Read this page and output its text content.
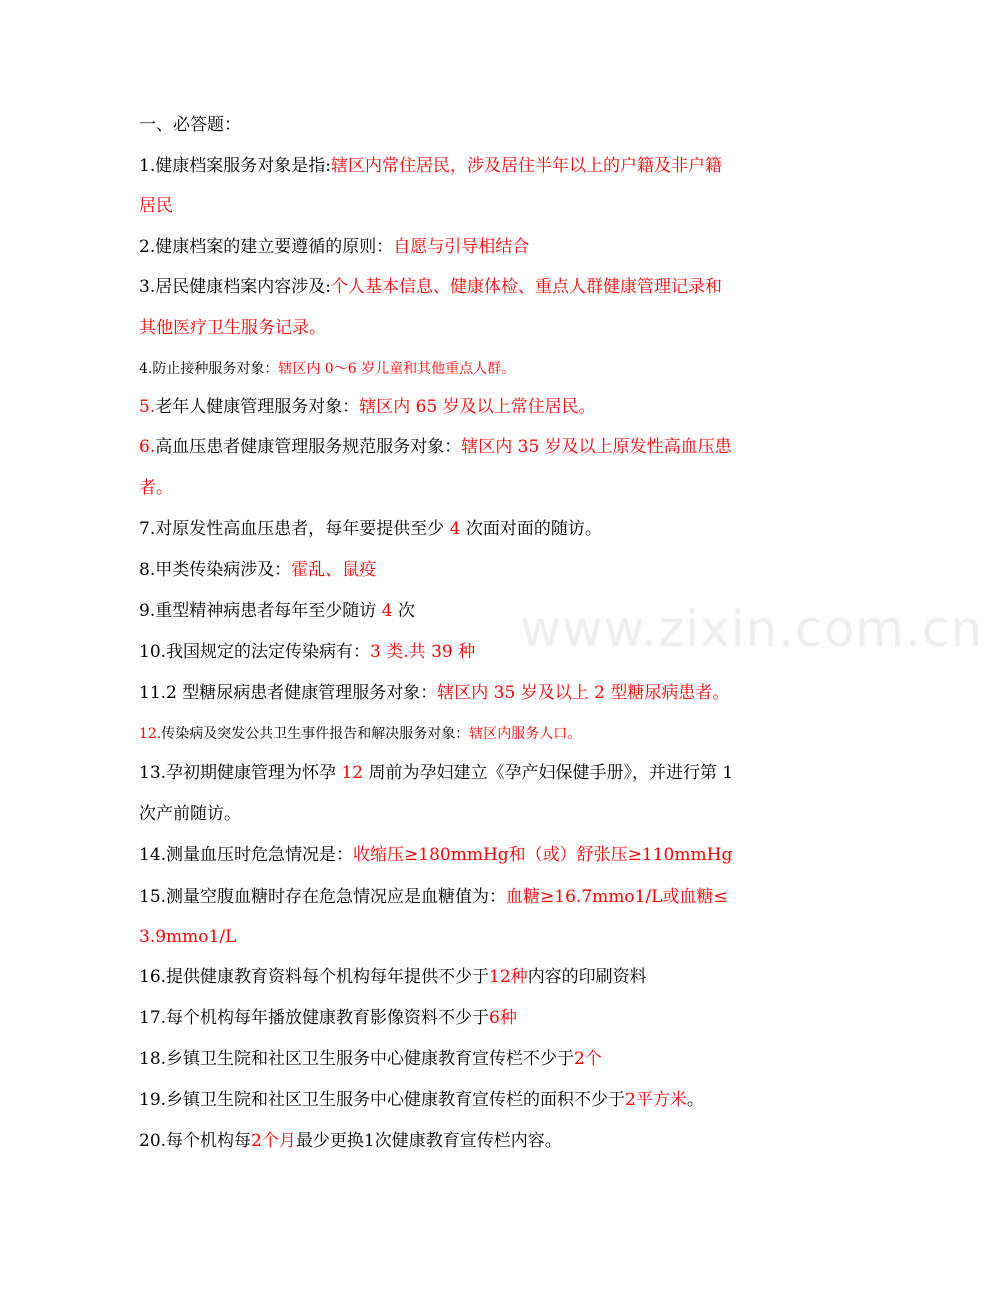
www.zixin.com.cn
一、必答题：
1.健康档案服务对象是指:辖区内常住居民，涉及居住半年以上的户籍及非户籍
居民
2.健康档案的建立要遵循的原则：自愿与引导相结合
3.居民健康档案内容涉及:个人基本信息、健康体检、重点人群健康管理记录和
其他医疗卫生服务记录。
4.防止接种服务对象：辖区内 0～6 岁儿童和其他重点人群。
5.老年人健康管理服务对象：辖区内 65 岁及以上常住居民。
6.高血压患者健康管理服务规范服务对象：辖区内 35 岁及以上原发性高血压患
者。
7.对原发性高血压患者，每年要提供至少 4 次面对面的随访。
8.甲类传染病涉及：霍乱、鼠疫
9.重型精神病患者每年至少随访 4 次
10.我国规定的法定传染病有：3 类.共 39 种
11.2 型糖尿病患者健康管理服务对象：辖区内 35 岁及以上 2 型糖尿病患者。
12.传染病及突发公共卫生事件报告和解决服务对象：辖区内服务人口。
13.孕初期健康管理为怀孕 12 周前为孕妇建立《孕产妇保健手册》，并进行第 1
次产前随访。
14.测量血压时危急情况是：收缩压≥180mmHg和（或）舒张压≥110mmHg
15.测量空腹血糖时存在危急情况应是血糖值为：血糖≥16.7mmo1/L或血糖≤
3.9mmo1/L
16.提供健康教育资料每个机构每年提供不少于12种内容的印刷资料
17.每个机构每年播放健康教育影像资料不少于6种
18.乡镇卫生院和社区卫生服务中心健康教育宣传栏不少于2个
19.乡镇卫生院和社区卫生服务中心健康教育宣传栏的面积不少于2平方米。
20.每个机构每2个月最少更换1次健康教育宣传栏内容。
